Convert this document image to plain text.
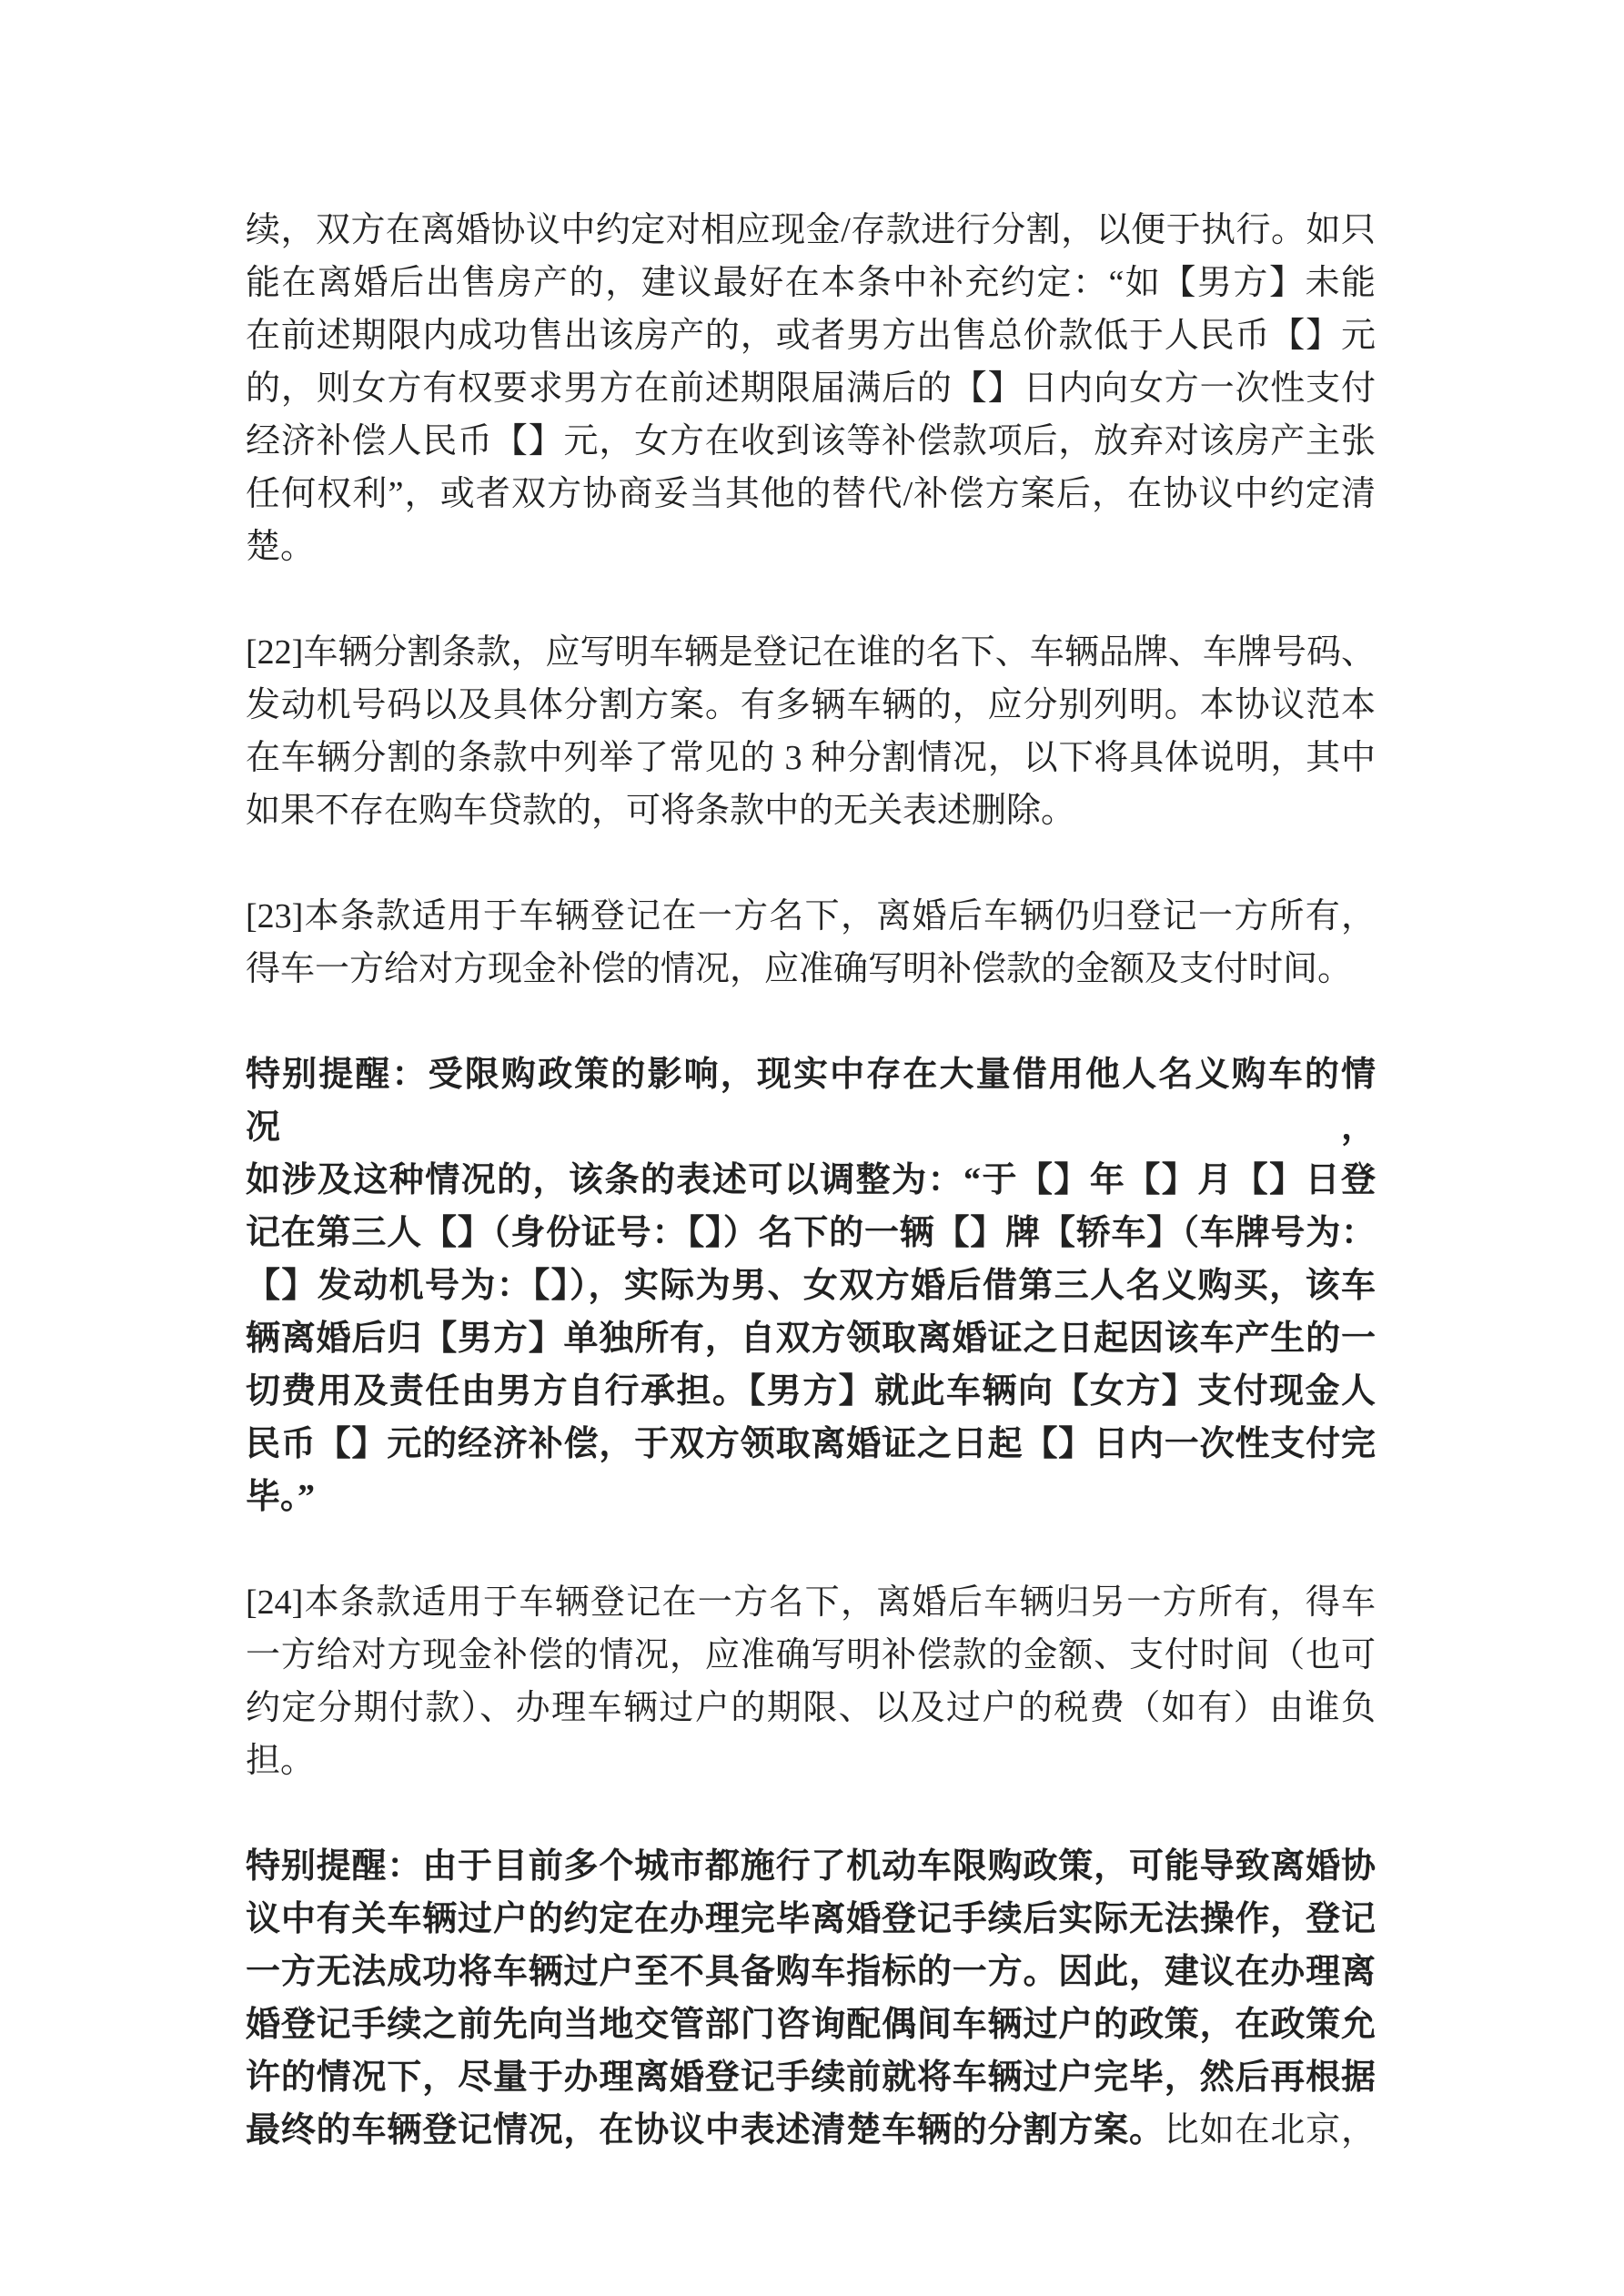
续，双方在离婚协议中约定对相应现金/存款进行分割，以便于执行。如只
能在离婚后出售房产的，建议最好在本条中补充约定：“如【男方】未能
在前述期限内成功售出该房产的，或者男方出售总价款低于人民币【】元
的，则女方有权要求男方在前述期限届满后的【】日内向女方一次性支付
经济补偿人民币【】元，女方在收到该等补偿款项后，放弃对该房产主张
任何权利”，或者双方协商妥当其他的替代/补偿方案后，在协议中约定清
楚。
[22]车辆分割条款，应写明车辆是登记在谁的名下、车辆品牌、车牌号码、
发动机号码以及具体分割方案。有多辆车辆的，应分别列明。本协议范本
在车辆分割的条款中列举了常见的 3 种分割情况，以下将具体说明，其中
如果不存在购车贷款的，可将条款中的无关表述删除。
[23]本条款适用于车辆登记在一方名下，离婚后车辆仍归登记一方所有，
得车一方给对方现金补偿的情况，应准确写明补偿款的金额及支付时间。
特别提醒：受限购政策的影响，现实中存在大量借用他人名义购车的情况，
如涉及这种情况的，该条的表述可以调整为：“于【】年【】月【】日登
记在第三人【】（身份证号：【】）名下的一辆【】牌【轿车】（车牌号为：
【】发动机号为：【】），实际为男、女双方婚后借第三人名义购买，该车
辆离婚后归【男方】单独所有，自双方领取离婚证之日起因该车产生的一
切费用及责任由男方自行承担。【男方】就此车辆向【女方】支付现金人
民币【】元的经济补偿，于双方领取离婚证之日起【】日内一次性支付完
毕。”
[24]本条款适用于车辆登记在一方名下，离婚后车辆归另一方所有，得车
一方给对方现金补偿的情况，应准确写明补偿款的金额、支付时间（也可
约定分期付款）、办理车辆过户的期限、以及过户的税费（如有）由谁负
担。
特别提醒：由于目前多个城市都施行了机动车限购政策，可能导致离婚协
议中有关车辆过户的约定在办理完毕离婚登记手续后实际无法操作，登记
一方无法成功将车辆过户至不具备购车指标的一方。因此，建议在办理离
婚登记手续之前先向当地交管部门咨询配偶间车辆过户的政策，在政策允
许的情况下，尽量于办理离婚登记手续前就将车辆过户完毕，然后再根据
最终的车辆登记情况，在协议中表述清楚车辆的分割方案。比如在北京，
